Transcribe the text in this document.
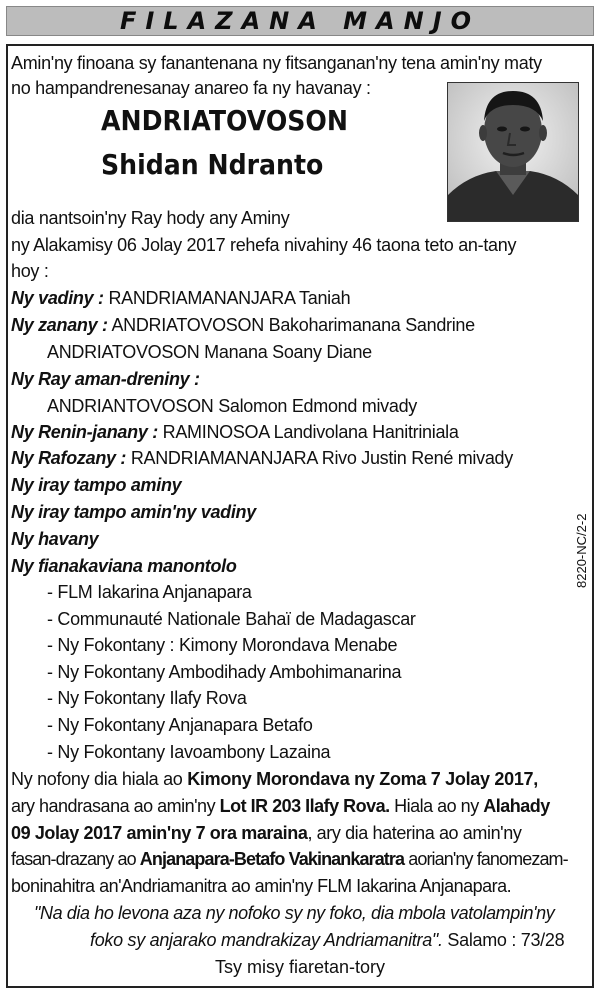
FILAZANA MANJO
Amin'ny finoana sy fanantenana ny fitsanganan'ny tena amin'ny maty
no hampandrenesanay anareo fa ny havanay :
ANDRIATOVOSON
Shidan Ndranto
dia nantsoin'ny Ray hody any Aminy
ny Alakamisy 06 Jolay 2017 rehefa nivahiny 46 taona teto an-tany
hoy :
Ny vadiny : RANDRIAMANANJARA Taniah
Ny zanany : ANDRIATOVOSON Bakoharimanana Sandrine
ANDRIATOVOSON Manana Soany Diane
Ny Ray aman-dreniny :
ANDRIANTOVOSON Salomon Edmond mivady
Ny Renin-janany : RAMINOSOA Landivolana Hanitriniala
Ny Rafozany : RANDRIAMANANJARA Rivo Justin René mivady
Ny iray tampo aminy
Ny iray tampo amin'ny vadiny
Ny havany
Ny fianakaviana manontolo
- FLM Iakarina Anjanapara
- Communauté Nationale Bahaï de Madagascar
- Ny Fokontany : Kimony Morondava Menabe
- Ny Fokontany Ambodihady Ambohimanarina
- Ny Fokontany Ilafy Rova
- Ny Fokontany Anjanapara Betafo
- Ny Fokontany Iavoambony Lazaina
8220-NC/2-2
Ny nofony dia hiala ao Kimony Morondava ny Zoma 7 Jolay 2017,
ary handrasana ao amin'ny Lot IR 203 Ilafy Rova. Hiala ao ny Alahady
09 Jolay 2017 amin'ny 7 ora maraina, ary dia haterina ao amin'ny
fasan-drazany ao Anjanapara-Betafo Vakinankaratra aorian'ny fanomezam-
boninahitra an'Andriamanitra ao amin'ny FLM Iakarina Anjanapara.
"Na dia ho levona aza ny nofoko sy ny foko, dia mbola vatolampin'ny
foko sy anjarako mandrakizay Andriamanitra". Salamo : 73/28
Tsy misy fiaretan-tory
